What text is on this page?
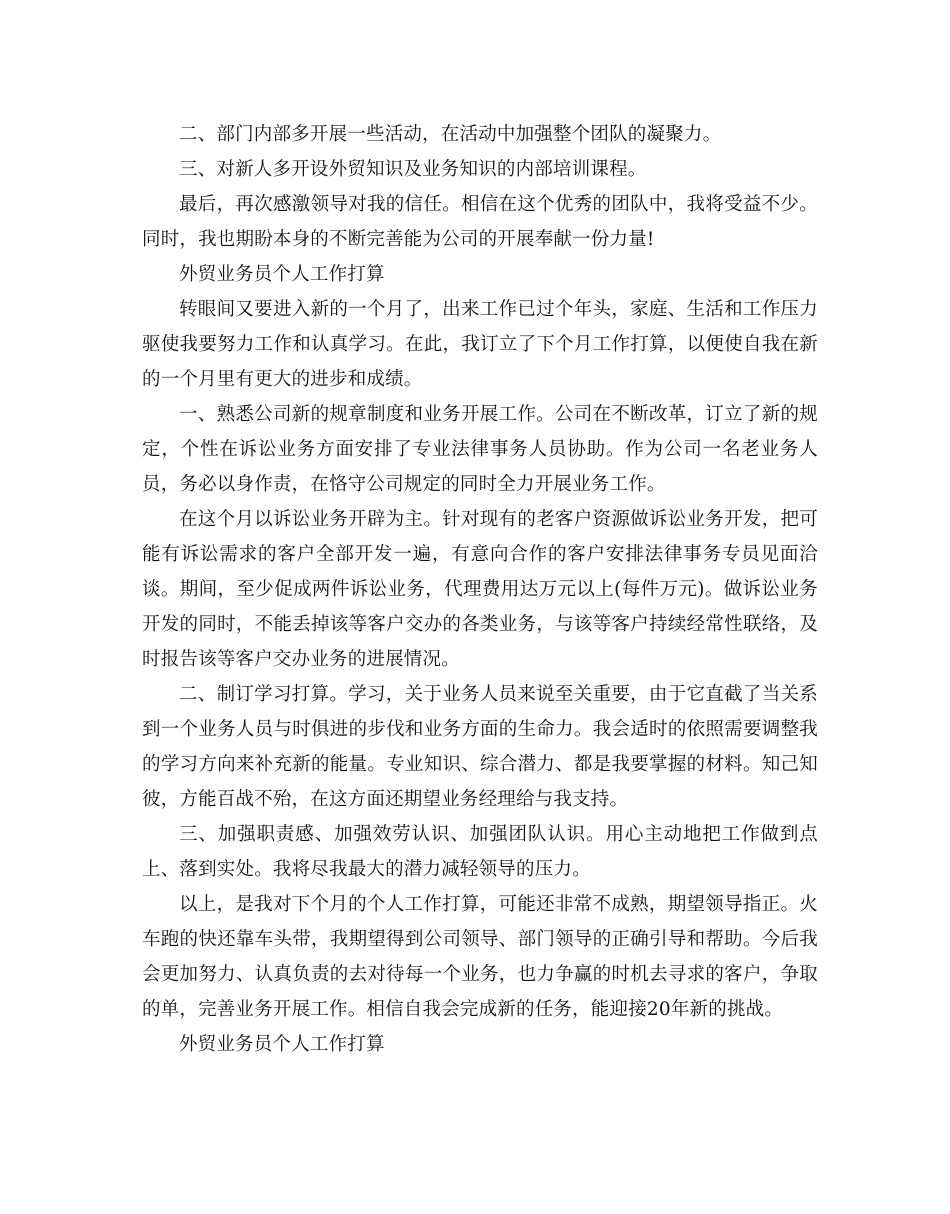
二、部门内部多开展一些活动，在活动中加强整个团队的凝聚力。

三、对新人多开设外贸知识及业务知识的内部培训课程。

最后，再次感激领导对我的信任。相信在这个优秀的团队中，我将受益不少。同时，我也期盼本身的不断完善能为公司的开展奉献一份力量!

外贸业务员个人工作打算

转眼间又要进入新的一个月了，出来工作已过个年头，家庭、生活和工作压力驱使我要努力工作和认真学习。在此，我订立了下个月工作打算，以便使自我在新的一个月里有更大的进步和成绩。

一、熟悉公司新的规章制度和业务开展工作。公司在不断改革，订立了新的规定，个性在诉讼业务方面安排了专业法律事务人员协助。作为公司一名老业务人员，务必以身作责，在恪守公司规定的同时全力开展业务工作。

在这个月以诉讼业务开辟为主。针对现有的老客户资源做诉讼业务开发，把可能有诉讼需求的客户全部开发一遍，有意向合作的客户安排法律事务专员见面洽谈。期间，至少促成两件诉讼业务，代理费用达万元以上(每件万元)。做诉讼业务开发的同时，不能丢掉该等客户交办的各类业务，与该等客户持续经常性联络，及时报告该等客户交办业务的进展情况。

二、制订学习打算。学习，关于业务人员来说至关重要，由于它直截了当关系到一个业务人员与时俱进的步伐和业务方面的生命力。我会适时的依照需要调整我的学习方向来补充新的能量。专业知识、综合潜力、都是我要掌握的材料。知己知彼，方能百战不殆，在这方面还期望业务经理给与我支持。

三、加强职责感、加强效劳认识、加强团队认识。用心主动地把工作做到点上、落到实处。我将尽我最大的潜力减轻领导的压力。

以上，是我对下个月的个人工作打算，可能还非常不成熟，期望领导指正。火车跑的快还靠车头带，我期望得到公司领导、部门领导的正确引导和帮助。今后我会更加努力、认真负责的去对待每一个业务，也力争赢的时机去寻求的客户，争取的单，完善业务开展工作。相信自我会完成新的任务，能迎接20年新的挑战。

外贸业务员个人工作打算
